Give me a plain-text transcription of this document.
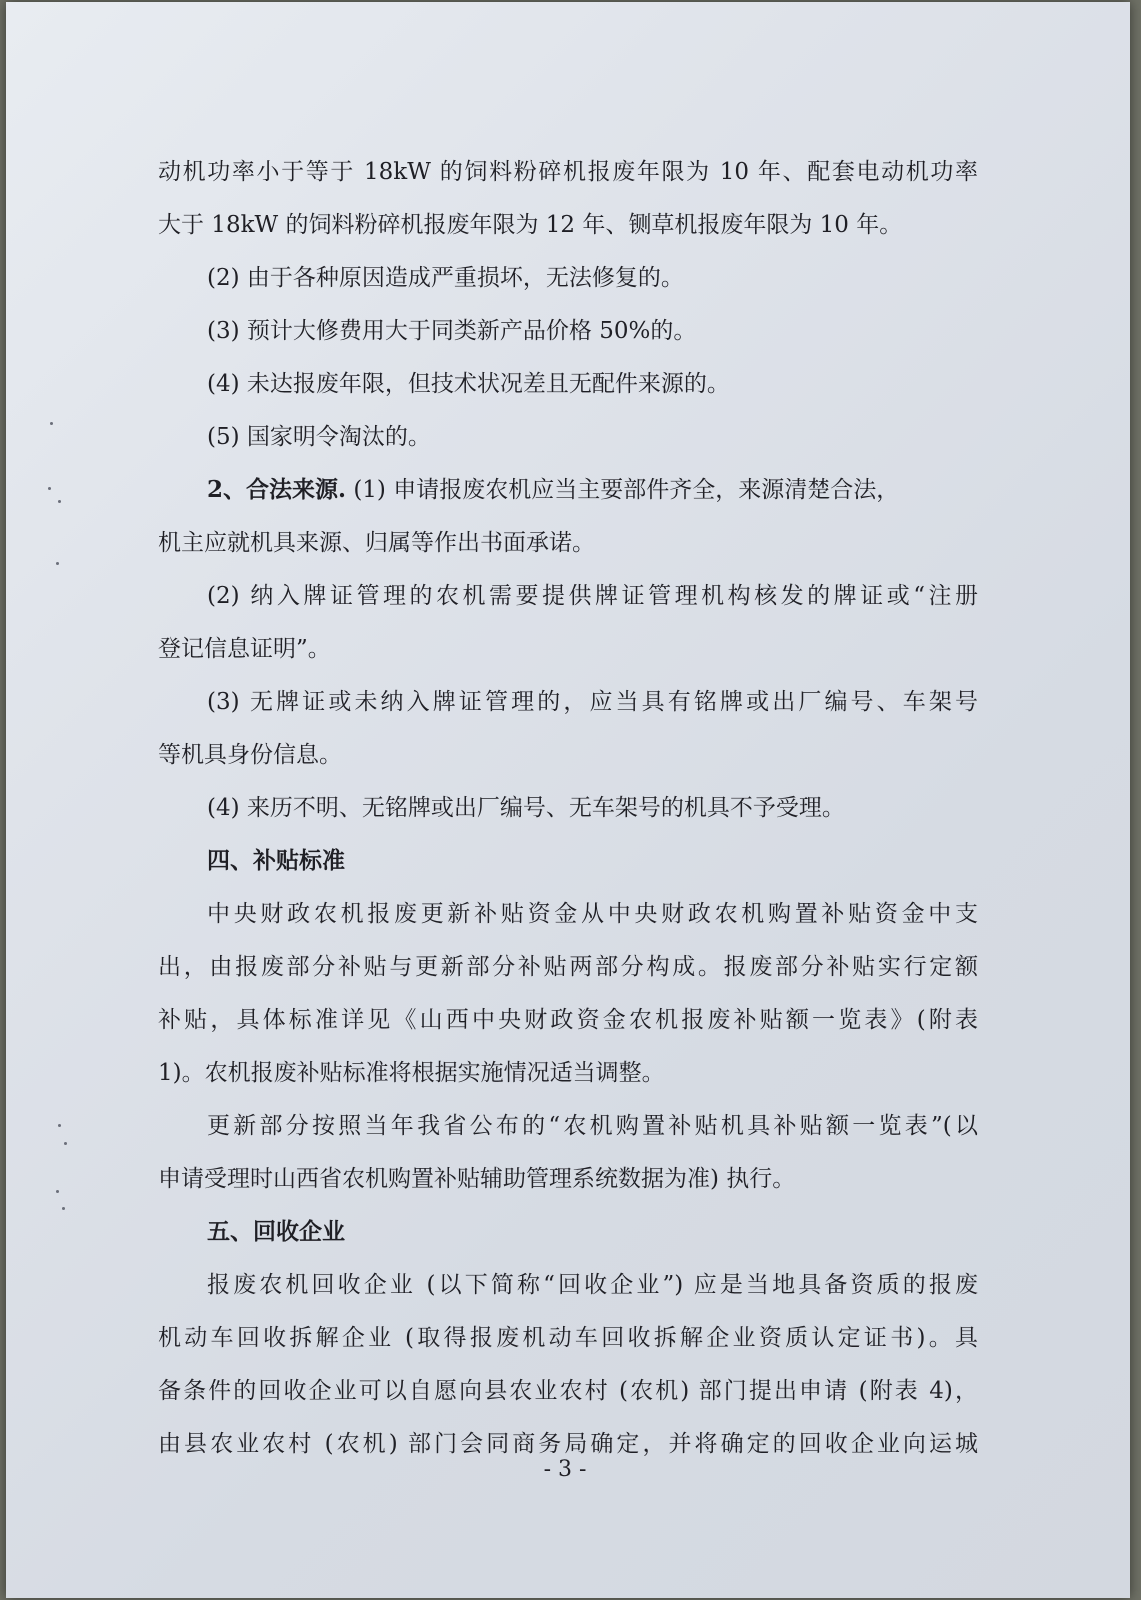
动机功率小于等于 18kW 的饲料粉碎机报废年限为 10 年、配套电动机功率
大于 18kW 的饲料粉碎机报废年限为 12 年、铡草机报废年限为 10 年。
(2) 由于各种原因造成严重损坏，无法修复的。
(3) 预计大修费用大于同类新产品价格 50%的。
(4) 未达报废年限，但技术状况差且无配件来源的。
(5) 国家明令淘汰的。
2、合法来源. (1) 申请报废农机应当主要部件齐全，来源清楚合法，
机主应就机具来源、归属等作出书面承诺。
(2) 纳入牌证管理的农机需要提供牌证管理机构核发的牌证或“注册
登记信息证明”。
(3) 无牌证或未纳入牌证管理的，应当具有铭牌或出厂编号、车架号
等机具身份信息。
(4) 来历不明、无铭牌或出厂编号、无车架号的机具不予受理。
四、补贴标准
中央财政农机报废更新补贴资金从中央财政农机购置补贴资金中支
出，由报废部分补贴与更新部分补贴两部分构成。报废部分补贴实行定额
补贴，具体标准详见《山西中央财政资金农机报废补贴额一览表》(附表
1)。农机报废补贴标准将根据实施情况适当调整。
更新部分按照当年我省公布的“农机购置补贴机具补贴额一览表”(以
申请受理时山西省农机购置补贴辅助管理系统数据为准) 执行。
五、回收企业
报废农机回收企业 (以下简称“回收企业”) 应是当地具备资质的报废
机动车回收拆解企业 (取得报废机动车回收拆解企业资质认定证书)。具
备条件的回收企业可以自愿向县农业农村 (农机) 部门提出申请 (附表 4)，
由县农业农村 (农机) 部门会同商务局确定，并将确定的回收企业向运城
- 3 -
